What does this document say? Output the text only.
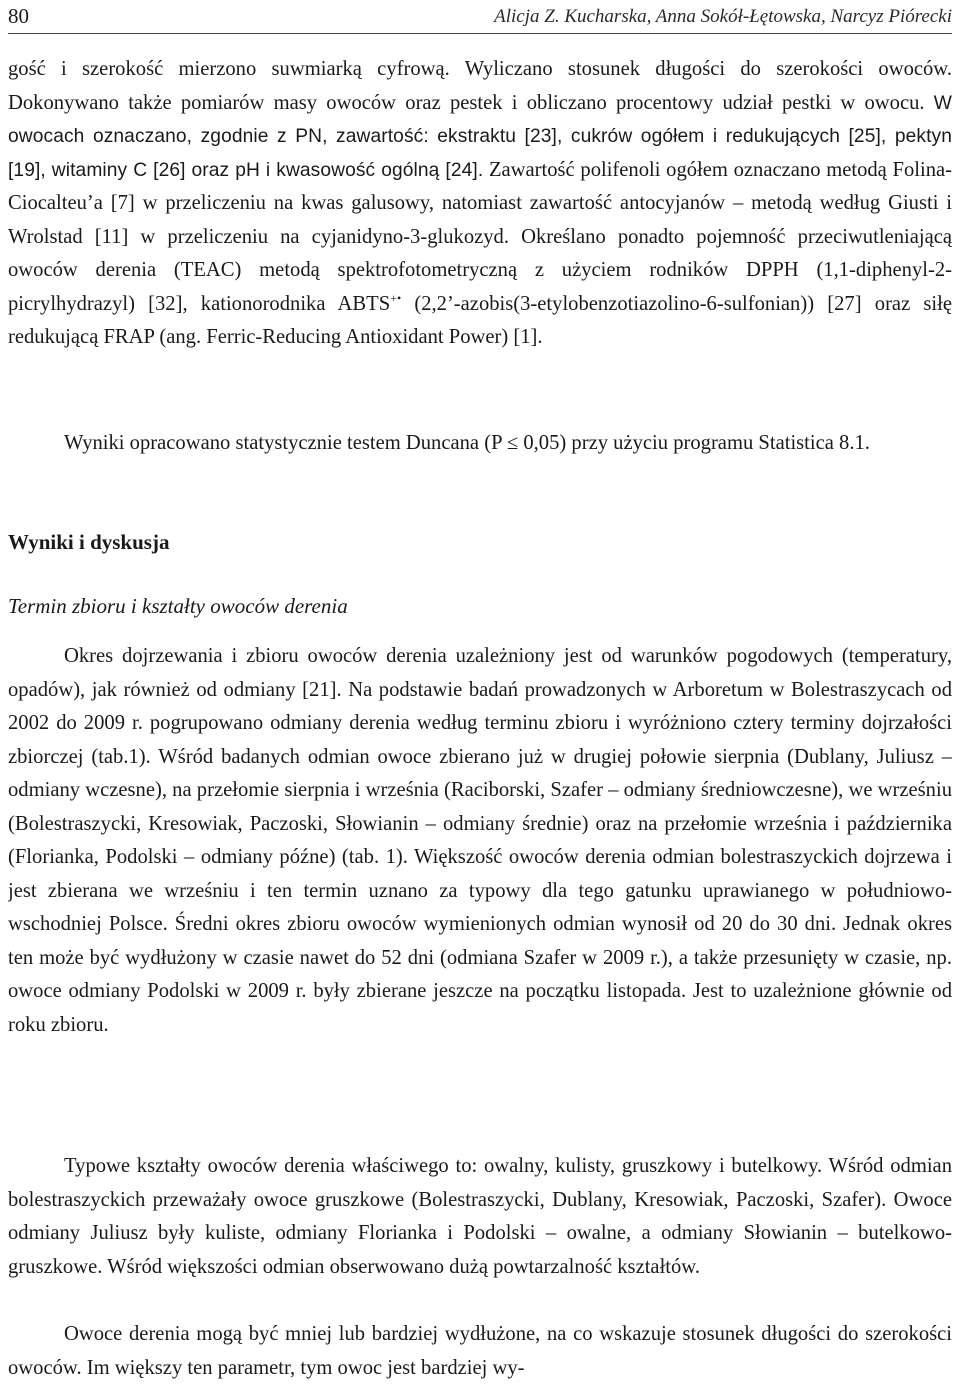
80	Alicja Z. Kucharska, Anna Sokół-Łętowska, Narcyz Piórecki

gość i szerokość mierzono suwmiarką cyfrową. Wyliczano stosunek długości do szerokości owoców. Dokonywano także pomiarów masy owoców oraz pestek i obliczano procentowy udział pestki w owocu. W owocach oznaczano, zgodnie z PN, zawartość: ekstraktu [23], cukrów ogółem i redukujących [25], pektyn [19], witaminy C [26] oraz pH i kwasowość ogólną [24]. Zawartość polifenoli ogółem oznaczano metodą Folina-Ciocalteu’a [7] w przeliczeniu na kwas galusowy, natomiast zawartość antocyjanów – metodą według Giusti i Wrolstad [11] w przeliczeniu na cyjanidyno-3-glukozyd. Określano ponadto pojemność przeciwutleniającą owoców derenia (TEAC) metodą spektrofotometryczną z użyciem rodników DPPH (1,1-diphenyl-2-picrylhydrazyl) [32], kationorodnika ABTS+• (2,2’-azobis(3-etylobenzotiazolino-6-sulfonian)) [27] oraz siłę redukującą FRAP (ang. Ferric-Reducing Antioxidant Power) [1].

Wyniki opracowano statystycznie testem Duncana (P ≤ 0,05) przy użyciu programu Statistica 8.1.

Wyniki i dyskusja
Termin zbioru i kształty owoców derenia

Okres dojrzewania i zbioru owoców derenia uzależniony jest od warunków pogodowych (temperatury, opadów), jak również od odmiany [21]. Na podstawie badań prowadzonych w Arboretum w Bolestraszycach od 2002 do 2009 r. pogrupowano odmiany derenia według terminu zbioru i wyróżniono cztery terminy dojrzałości zbiorczej (tab.1). Wśród badanych odmian owoce zbierano już w drugiej połowie sierpnia (Dublany, Juliusz – odmiany wczesne), na przełomie sierpnia i września (Raciborski, Szafer – odmiany średniowczesne), we wrześniu (Bolestraszycki, Kresowiak, Paczoski, Słowianin – odmiany średnie) oraz na przełomie września i października (Florianka, Podolski – odmiany późne) (tab. 1). Większość owoców derenia odmian bolestraszyckich dojrzewa i jest zbierana we wrześniu i ten termin uznano za typowy dla tego gatunku uprawianego w południowo-wschodniej Polsce. Średni okres zbioru owoców wymienionych odmian wynosił od 20 do 30 dni. Jednak okres ten może być wydłużony w czasie nawet do 52 dni (odmiana Szafer w 2009 r.), a także przesunięty w czasie, np. owoce odmiany Podolski w 2009 r. były zbierane jeszcze na początku listopada. Jest to uzależnione głównie od roku zbioru.

Typowe kształty owoców derenia właściwego to: owalny, kulisty, gruszkowy i butelkowy. Wśród odmian bolestraszyckich przeważały owoce gruszkowe (Bolestraszycki, Dublany, Kresowiak, Paczoski, Szafer). Owoce odmiany Juliusz były kuliste, odmiany Florianka i Podolski – owalne, a odmiany Słowianin – butelkowo-gruszkowe. Wśród większości odmian obserwowano dużą powtarzalność kształtów.

Owoce derenia mogą być mniej lub bardziej wydłużone, na co wskazuje stosunek długości do szerokości owoców. Im większy ten parametr, tym owoc jest bardziej wy-
